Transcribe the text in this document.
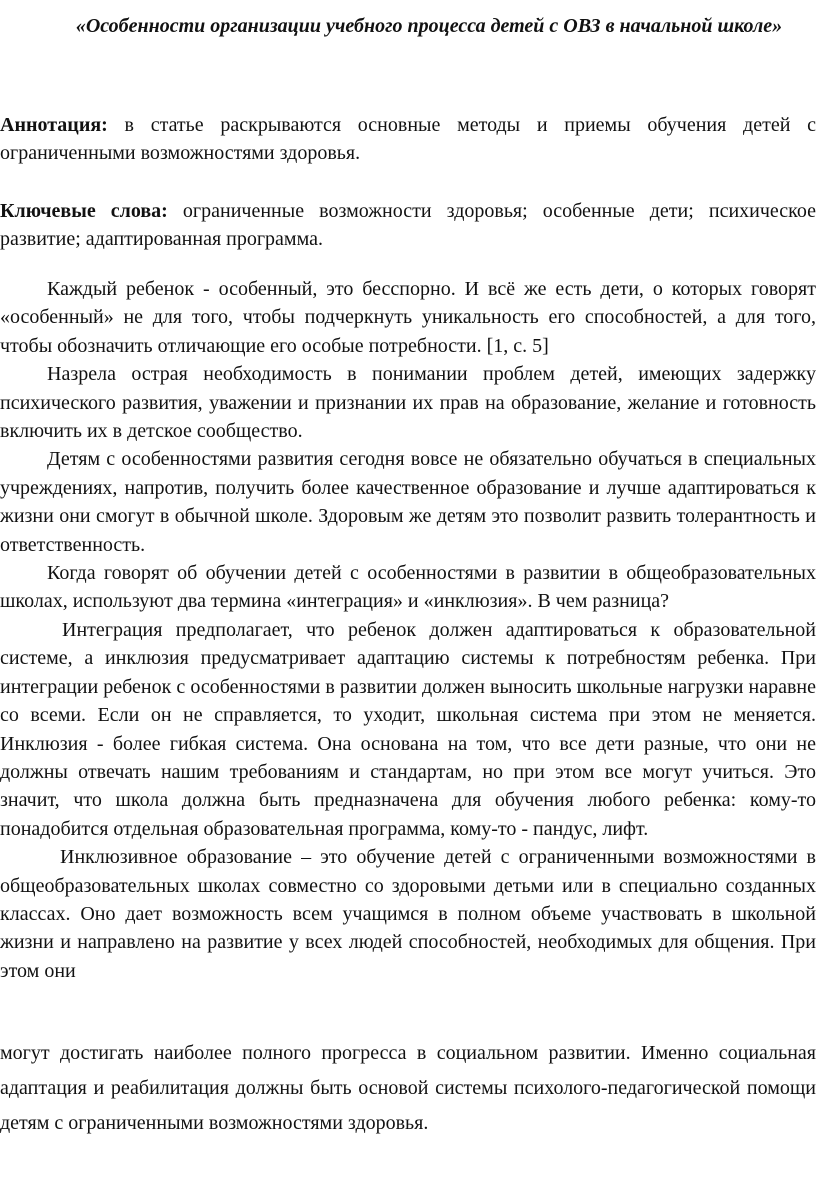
«Особенности организации учебного процесса детей с ОВЗ в начальной школе»

Аннотация: в статье раскрываются основные методы и приемы обучения детей с ограниченными возможностями здоровья.

Ключевые слова: ограниченные возможности здоровья; особенные дети; психическое развитие; адаптированная программа.

Каждый ребенок - особенный, это бесспорно. И всё же есть дети, о которых говорят «особенный» не для того, чтобы подчеркнуть уникальность его способностей, а для того, чтобы обозначить отличающие его особые потребности. [1, с. 5]

Назрела острая необходимость в понимании проблем детей, имеющих задержку психического развития, уважении и признании их прав на образование, желание и готовность включить их в детское сообщество.

Детям с особенностями развития сегодня вовсе не обязательно обучаться в специальных учреждениях, напротив, получить более качественное образование и лучше адаптироваться к жизни они смогут в обычной школе. Здоровым же детям это позволит развить толерантность и ответственность.

Когда говорят об обучении детей с особенностями в развитии в общеобразовательных школах, используют два термина «интеграция» и «инклюзия». В чем разница?

Интеграция предполагает, что ребенок должен адаптироваться к образовательной системе, а инклюзия предусматривает адаптацию системы к потребностям ребенка. При интеграции ребенок с особенностями в развитии должен выносить школьные нагрузки наравне со всеми. Если он не справляется, то уходит, школьная система при этом не меняется. Инклюзия - более гибкая система. Она основана на том, что все дети разные, что они не должны отвечать нашим требованиям и стандартам, но при этом все могут учиться. Это значит, что школа должна быть предназначена для обучения любого ребенка: кому-то понадобится отдельная образовательная программа, кому-то - пандус, лифт.

Инклюзивное образование – это обучение детей с ограниченными возможностями в общеобразовательных школах совместно со здоровыми детьми или в специально созданных классах. Оно дает возможность всем учащимся в полном объеме участвовать в школьной жизни и направлено на развитие у всех людей способностей, необходимых для общения. При этом они

могут достигать наиболее полного прогресса в социальном развитии. Именно социальная адаптация и реабилитация должны быть основой системы психолого-педагогической помощи детям с ограниченными возможностями здоровья.
